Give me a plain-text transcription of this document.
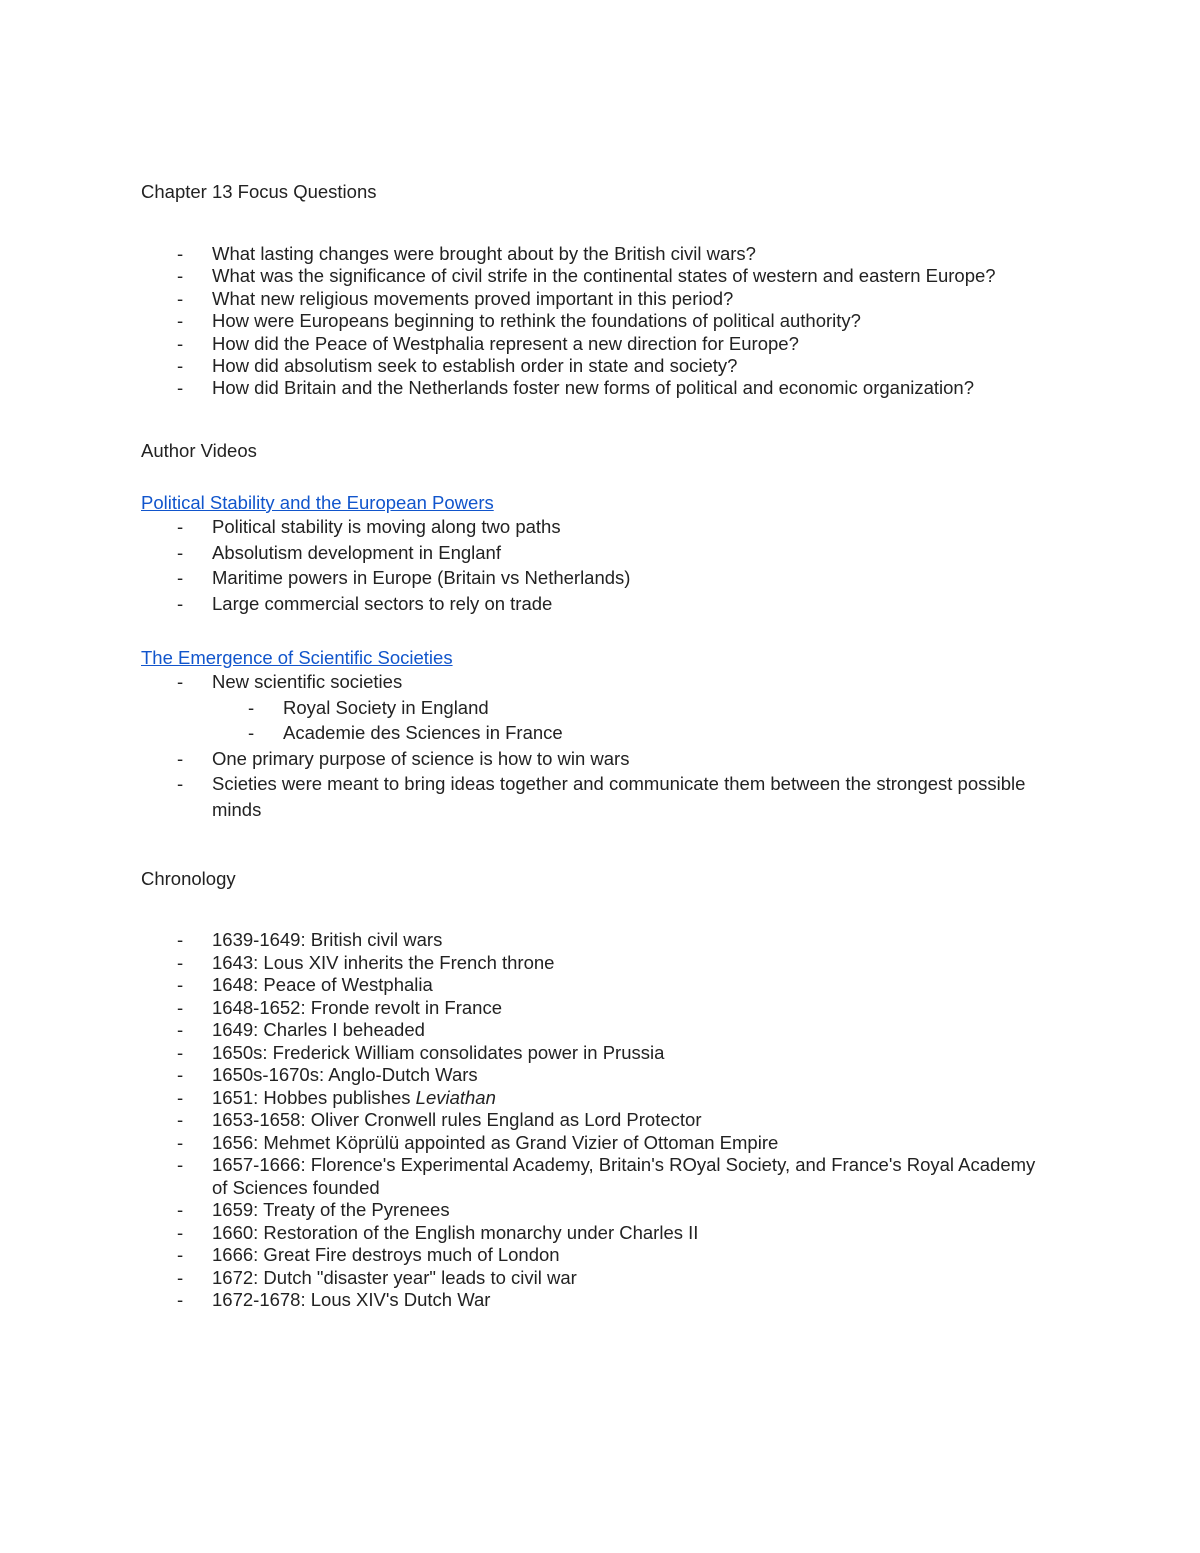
Chapter 13 Focus Questions

- What lasting changes were brought about by the British civil wars?
- What was the significance of civil strife in the continental states of western and eastern Europe?
- What new religious movements proved important in this period?
- How were Europeans beginning to rethink the foundations of political authority?
- How did the Peace of Westphalia represent a new direction for Europe?
- How did absolutism seek to establish order in state and society?
- How did Britain and the Netherlands foster new forms of political and economic organization?

Author Videos

Political Stability and the European Powers
- Political stability is moving along two paths
- Absolutism development in Englanf
- Maritime powers in Europe (Britain vs Netherlands)
- Large commercial sectors to rely on trade
The Emergence of Scientific Societies
- New scientific societies
- Royal Society in England
- Academie des Sciences in France
- One primary purpose of science is how to win wars
- Scieties were meant to bring ideas together and communicate them between the strongest possible minds

Chronology

- 1639-1649: British civil wars
- 1643: Lous XIV inherits the French throne
- 1648: Peace of Westphalia
- 1648-1652: Fronde revolt in France
- 1649: Charles I beheaded
- 1650s: Frederick William consolidates power in Prussia
- 1650s-1670s: Anglo-Dutch Wars
- 1651: Hobbes publishes Leviathan
- 1653-1658: Oliver Cronwell rules England as Lord Protector
- 1656: Mehmet Köprülü appointed as Grand Vizier of Ottoman Empire
- 1657-1666: Florence's Experimental Academy, Britain's ROyal Society, and France's Royal Academy of Sciences founded
- 1659: Treaty of the Pyrenees
- 1660: Restoration of the English monarchy under Charles II
- 1666: Great Fire destroys much of London
- 1672: Dutch "disaster year" leads to civil war
- 1672-1678: Lous XIV's Dutch War
